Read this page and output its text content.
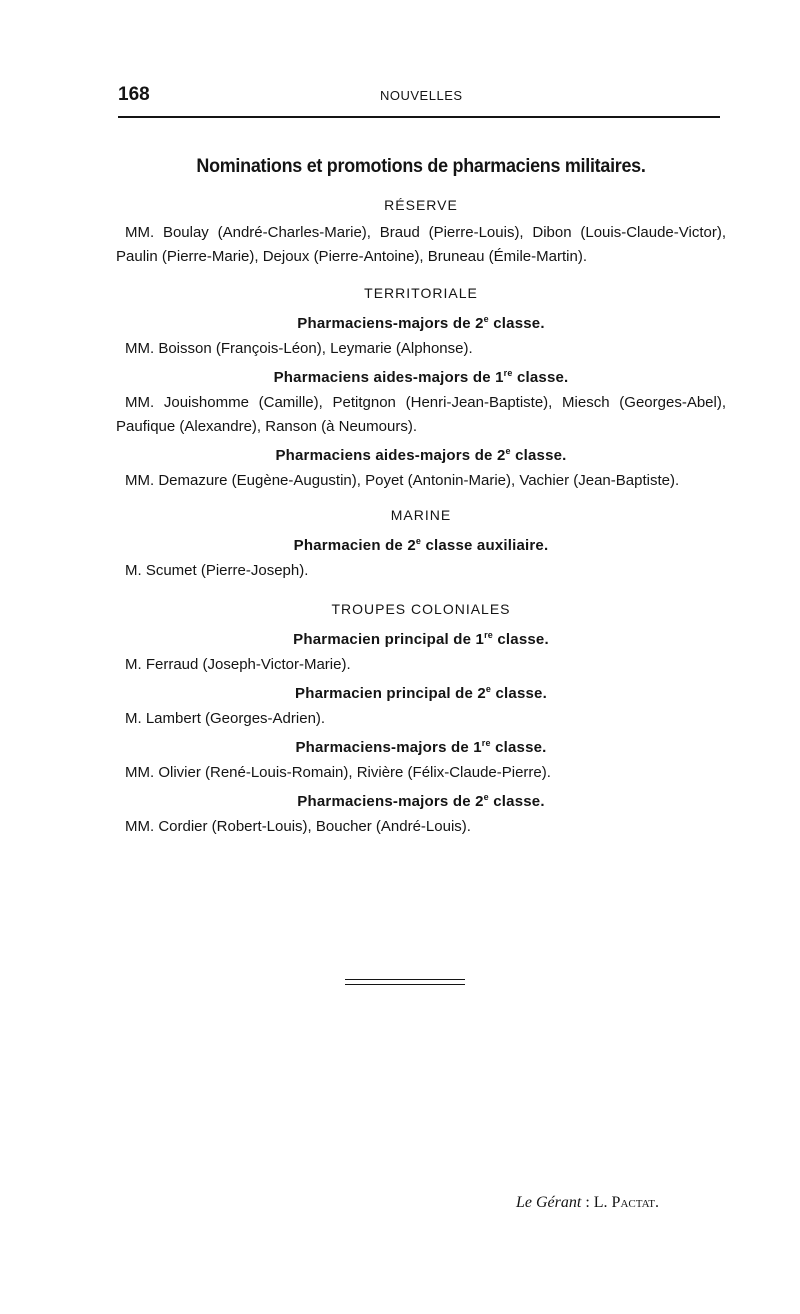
168	NOUVELLES
Nominations et promotions de pharmaciens militaires.
RÉSERVE

MM. Boulay (André-Charles-Marie), Braud (Pierre-Louis), Dibon (Louis-Claude-Victor), Paulin (Pierre-Marie), Dejoux (Pierre-Antoine), Bruneau (Émile-Martin).

TERRITORIALE
Pharmaciens-majors de 2e classe.

MM. Boisson (François-Léon), Leymarie (Alphonse).

Pharmaciens aides-majors de 1re classe.

MM. Jouishomme (Camille), Petitgnon (Henri-Jean-Baptiste), Miesch (Georges-Abel), Paufique (Alexandre), Ranson (à Neumours).

Pharmaciens aides-majors de 2e classe.

MM. Demazure (Eugène-Augustin), Poyet (Antonin-Marie), Vachier (Jean-Baptiste).

MARINE
Pharmacien de 2e classe auxiliaire.

M. Scumet (Pierre-Joseph).

TROUPES COLONIALES
Pharmacien principal de 1re classe.

M. Ferraud (Joseph-Victor-Marie).

Pharmacien principal de 2e classe.

M. Lambert (Georges-Adrien).

Pharmaciens-majors de 1re classe.

MM. Olivier (René-Louis-Romain), Rivière (Félix-Claude-Pierre).

Pharmaciens-majors de 2e classe.

MM. Cordier (Robert-Louis), Boucher (André-Louis).

Le Gérant : L. Pactat.
